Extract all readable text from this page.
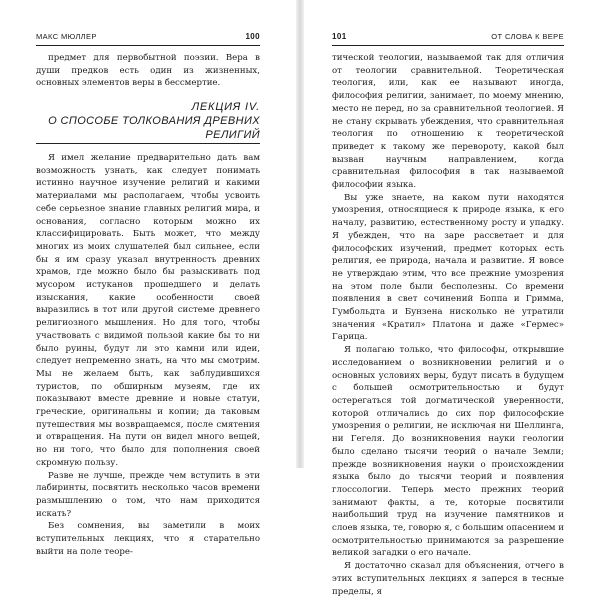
МАКС МЮЛЛЕР	100

предмет для первобытной поэзии. Вера в души предков есть один из жизненных, основных элементов веры в бессмертие.

ЛЕКЦИЯ IV.
О СПОСОБЕ ТОЛКОВАНИЯ ДРЕВНИХ РЕЛИГИЙ

Я имел желание предварительно дать вам возможность узнать, как следует понимать истинно научное изучение религий и какими материалами мы располагаем, чтобы усвоить себе серьезное знание главных религий мира, и основания, согласно которым можно их классифицировать. Быть может, что между многих из моих слушателей был сильнее, если бы я им сразу указал внутренность древних храмов, где можно было бы разыскивать под мусором истуканов прошедшего и делать изыскания, какие особенности своей выразились в тот или другой системе древнего религиозного мышления. Но для того, чтобы участвовать с видимой пользой какие бы то ни было руины, будут ли это камни или идеи, следует непременно знать, на что мы смотрим. Мы не желаем быть, как заблудившихся туристов, по обширным музеям, где их показывают вместе древние и новые статуи, греческие, оригинальны и копии; да таковым путешествия мы возвращаемся, после смятения и отвращения. На пути он видел много вещей, но ни того, что было для пополнения своей скромную пользу.

Разве не лучше, прежде чем вступить в эти лабиринты, посвятить несколько часов времени размышлению о том, что нам приходится искать?

Без сомнения, вы заметили в моих вступительных лекциях, что я старательно выйти на поле теоре-

101	ОТ СЛОВА К ВЕРЕ

тической теологии, называемой так для отличия от теологии сравнительной. Теоретическая теология, или, как ее называют иногда, философия религии, занимает, по моему мнению, место не перед, но за сравнительной теологией. Я не стану скрывать убеждения, что сравнительная теология по отношению к теоретической приведет к такому же перевороту, какой был вызван научным направлением, когда сравнительная философия в так называемой философии языка.

Вы уже знаете, на каком пути находятся умозрения, относящиеся к природе языка, к его началу, развитию, естественному росту и упадку. Я убежден, что на заре рассветает и для философских изучений, предмет которых есть религия, ее природа, начала и развитие. Я вовсе не утверждаю этим, что все прежние умозрения на этом поле были бесполезны. Со времени появления в свет сочинений Боппа и Гримма, Гумбольдта и Бунзена нисколько не утратили значения «Кратил» Платона и даже «Гермес» Гарица.

Я полагаю только, что философы, открывшие исследованием о возникновении религий и о основных условиях веры, будут писать в будущем с большей осмотрительностью и будут остерегаться той догматической уверенности, которой отличались до сих пор философские умозрения о религии, не исключая ни Шеллинга, ни Гегеля. До возникновения науки геологии было сделано тысячи теорий о начале Земли; прежде возникновения науки о происхождении языка было до тысячи теорий и появления глоссологии. Теперь место прежних теорий занимают факты, а те, которые посвятили наибольший труд на изучение памятников и слоев языка, те, говорю я, с большим опасением и осмотрительностью принимаются за разрешение великой загадки о его начале.

Я достаточно сказал для объяснения, отчего в этих вступительных лекциях я заперся в тесные пределы, я
